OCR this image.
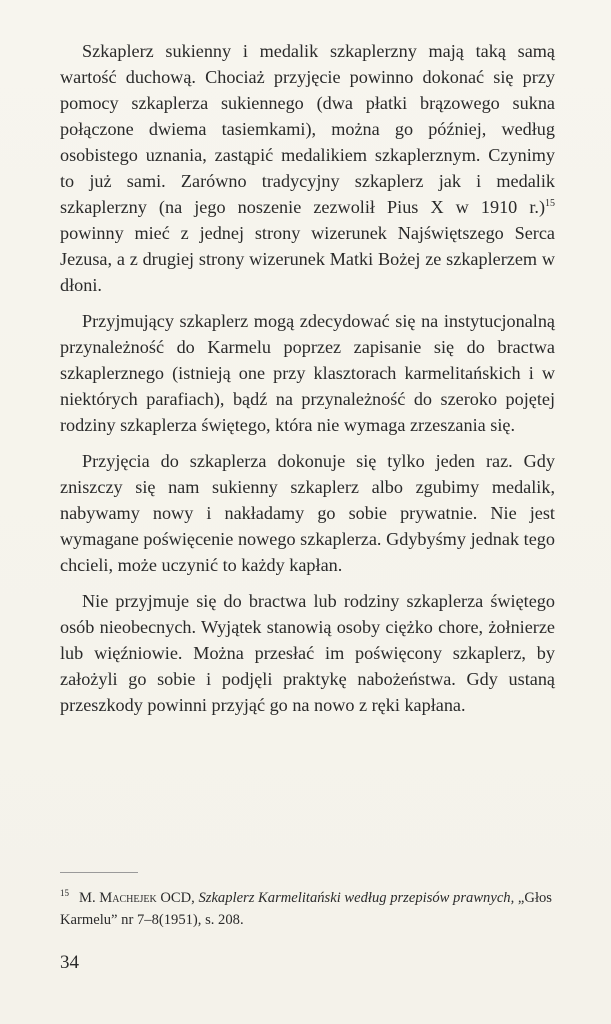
Szkaplerz sukienny i medalik szkaplerzny mają taką samą wartość duchową. Chociaż przyjęcie powinno dokonać się przy pomocy szkaplerza sukiennego (dwa płatki brązowego sukna połączone dwiema tasiemkami), można go później, według osobistego uznania, zastąpić medalikiem szkaplerznym. Czynimy to już sami. Zarówno tradycyjny szkaplerz jak i medalik szkaplerzny (na jego noszenie zezwolił Pius X w 1910 r.)$^{15}$ powinny mieć z jednej strony wizerunek Najświętszego Serca Jezusa, a z drugiej strony wizerunek Matki Bożej ze szkaplerzem w dłoni.

Przyjmujący szkaplerz mogą zdecydować się na instytucjonalną przynależność do Karmelu poprzez zapisanie się do bractwa szkaplerznego (istnieją one przy klasztorach karmelitańskich i w niektórych parafiach), bądź na przynależność do szeroko pojętej rodziny szkaplerza świętego, która nie wymaga zrzeszania się.

Przyjęcia do szkaplerza dokonuje się tylko jeden raz. Gdy zniszczy się nam sukienny szkaplerz albo zgubimy medalik, nabywamy nowy i nakładamy go sobie prywatnie. Nie jest wymagane poświęcenie nowego szkaplerza. Gdybyśmy jednak tego chcieli, może uczynić to każdy kapłan.

Nie przyjmuje się do bractwa lub rodziny szkaplerza świętego osób nieobecnych. Wyjątek stanowią osoby ciężko chore, żołnierze lub więźniowie. Można przesłać im poświęcony szkaplerz, by założyli go sobie i podjęli praktykę nabożeństwa. Gdy ustaną przeszkody powinni przyjąć go na nowo z ręki kapłana.

$^{15}$ M. Machejek OCD, Szkaplerz Karmelitański według przepisów prawnych, „Głos Karmelu” nr 7–8(1951), s. 208.
34
